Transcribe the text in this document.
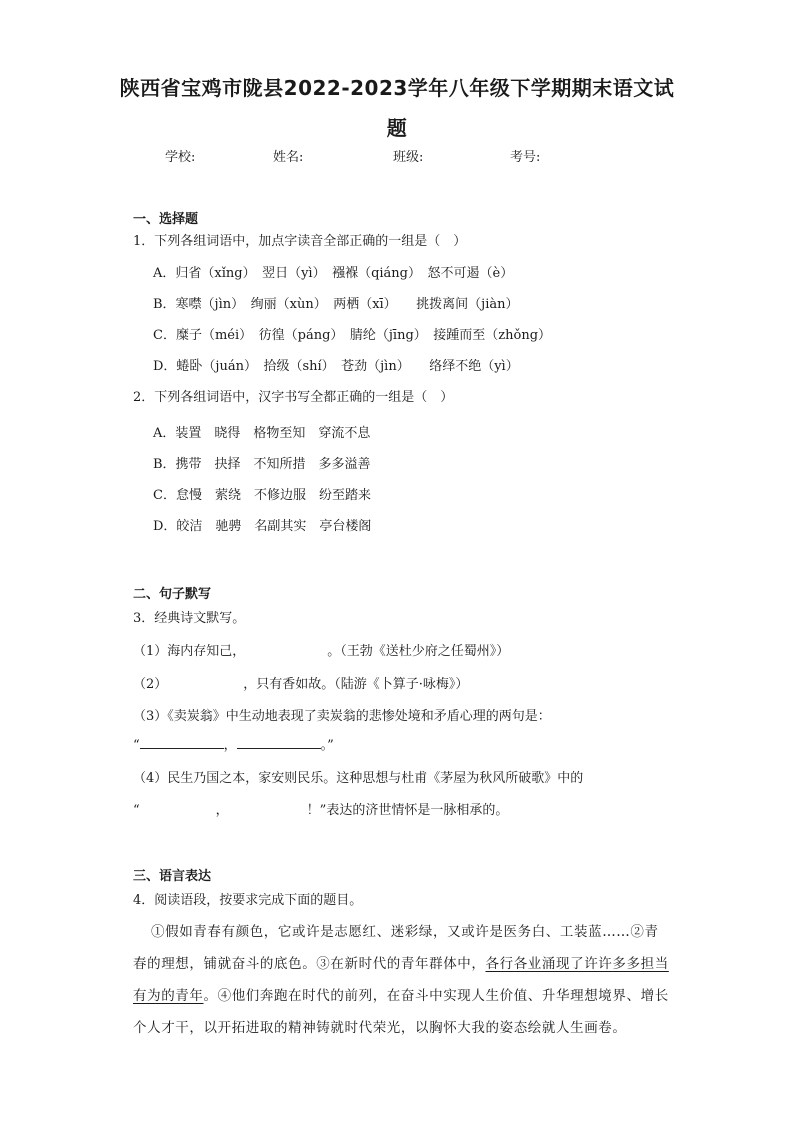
陕西省宝鸡市陇县2022-2023学年八年级下学期期末语文试
题
学校:	姓名:	班级:	考号:
一、选择题
1．下列各组词语中，加点字读音全部正确的一组是（　）
A．归省（xǐng）　翌日（yì）　襁褓（qiáng）　怒不可遏（è）
B．寒噤（jìn）　绚丽（xùn）　两栖（xī）　　挑拨离间（jiàn）
C．糜子（méi）　彷徨（páng）　腈纶（jīng）　接踵而至（zhǒng）
D．蜷卧（juán）　拾级（shí）　苍劲（jìn）　　络绎不绝（yì）
2．下列各组词语中，汉字书写全都正确的一组是（　）
A．装置　晓得　格物至知　穿流不息
B．携带　抉择　不知所措　多多溢善
C．怠慢　萦绕　不修边服　纷至踏来
D．皎洁　驰骋　名副其实　亭台楼阁
二、句子默写
3．经典诗文默写。
（1）海内存知己，	。（王勃《送杜少府之任蜀州》）
（2）	，只有香如故。（陆游《卜算子·咏梅》）
（3）《卖炭翁》中生动地表现了卖炭翁的悲惨处境和矛盾心理的两句是：
“	，	。”
（4）民生乃国之本，家安则民乐。这种思想与杜甫《茅屋为秋风所破歌》中的
“	，	！”表达的济世情怀是一脉相承的。
三、语言表达
4．阅读语段，按要求完成下面的题目。
①假如青春有颜色，它或许是志愿红、迷彩绿，又或许是医务白、工装蓝……②青
春的理想，铺就奋斗的底色。③在新时代的青年群体中，各行各业涌现了许许多多担当
有为的青年。④他们奔跑在时代的前列，在奋斗中实现人生价值、升华理想境界、增长
个人才干，以开拓进取的精神铸就时代荣光，以胸怀大我的姿态绘就人生画卷。
